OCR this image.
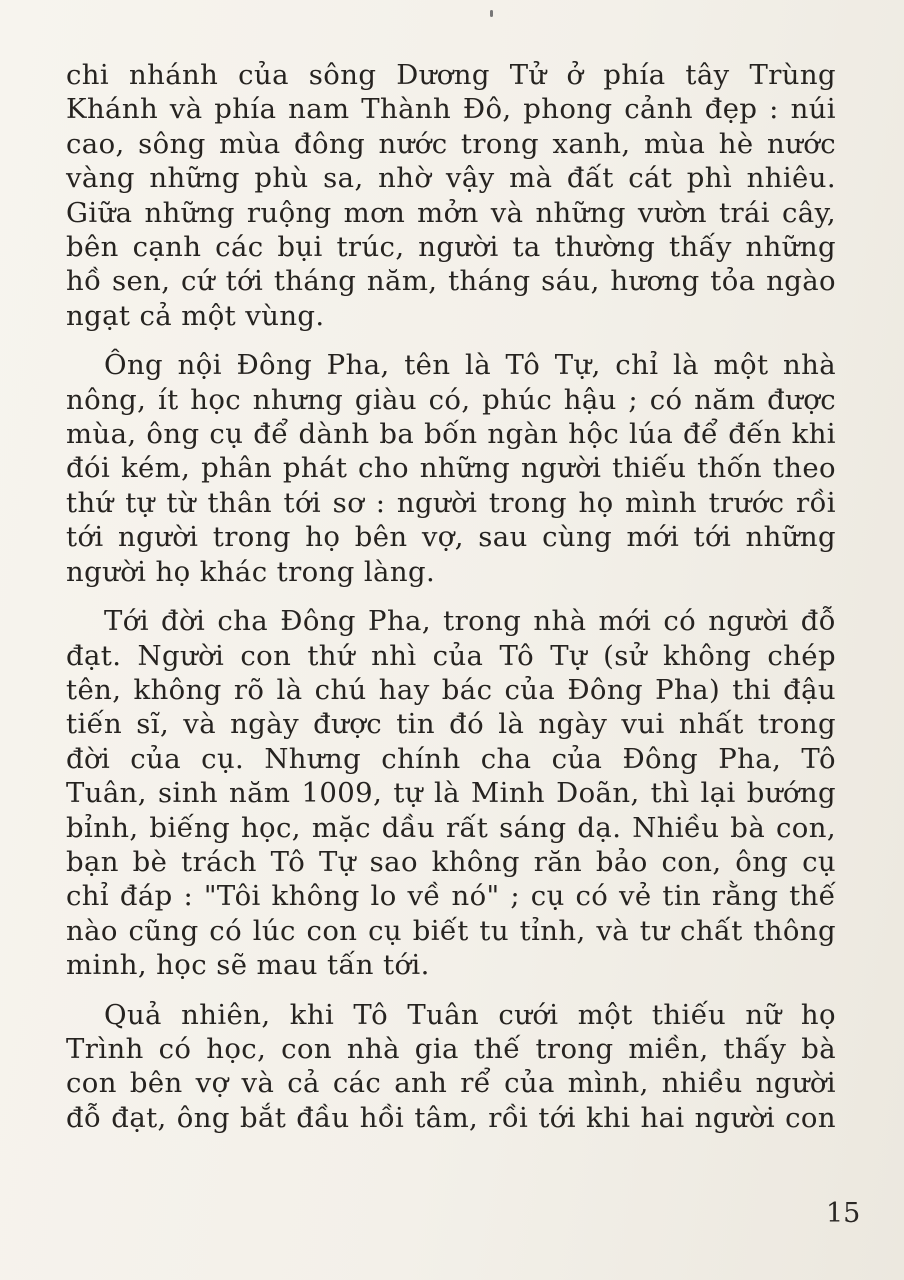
chi nhánh của sông Dương Tử ở phía tây Trùng
Khánh và phía nam Thành Đô, phong cảnh đẹp : núi
cao, sông mùa đông nước trong xanh, mùa hè nước
vàng những phù sa, nhờ vậy mà đất cát phì nhiêu.
Giữa những ruộng mơn mởn và những vườn trái cây,
bên cạnh các bụi trúc, người ta thường thấy những
hồ sen, cứ tới tháng năm, tháng sáu, hương tỏa ngào
ngạt cả một vùng.

Ông nội Đông Pha, tên là Tô Tự, chỉ là một nhà
nông, ít học nhưng giàu có, phúc hậu ; có năm được
mùa, ông cụ để dành ba bốn ngàn hộc lúa để đến khi
đói kém, phân phát cho những người thiếu thốn theo
thứ tự từ thân tới sơ : người trong họ mình trước rồi
tới người trong họ bên vợ, sau cùng mới tới những
người họ khác trong làng.

Tới đời cha Đông Pha, trong nhà mới có người đỗ
đạt. Người con thứ nhì của Tô Tự (sử không chép
tên, không rõ là chú hay bác của Đông Pha) thi đậu
tiến sĩ, và ngày được tin đó là ngày vui nhất trong
đời của cụ. Nhưng chính cha của Đông Pha, Tô
Tuân, sinh năm 1009, tự là Minh Doãn, thì lại bướng
bỉnh, biếng học, mặc dầu rất sáng dạ. Nhiều bà con,
bạn bè trách Tô Tự sao không răn bảo con, ông cụ
chỉ đáp : "Tôi không lo về nó" ; cụ có vẻ tin rằng thế
nào cũng có lúc con cụ biết tu tỉnh, và tư chất thông
minh, học sẽ mau tấn tới.

Quả nhiên, khi Tô Tuân cưới một thiếu nữ họ
Trình có học, con nhà gia thế trong miền, thấy bà
con bên vợ và cả các anh rể của mình, nhiều người
đỗ đạt, ông bắt đầu hồi tâm, rồi tới khi hai người con

15
